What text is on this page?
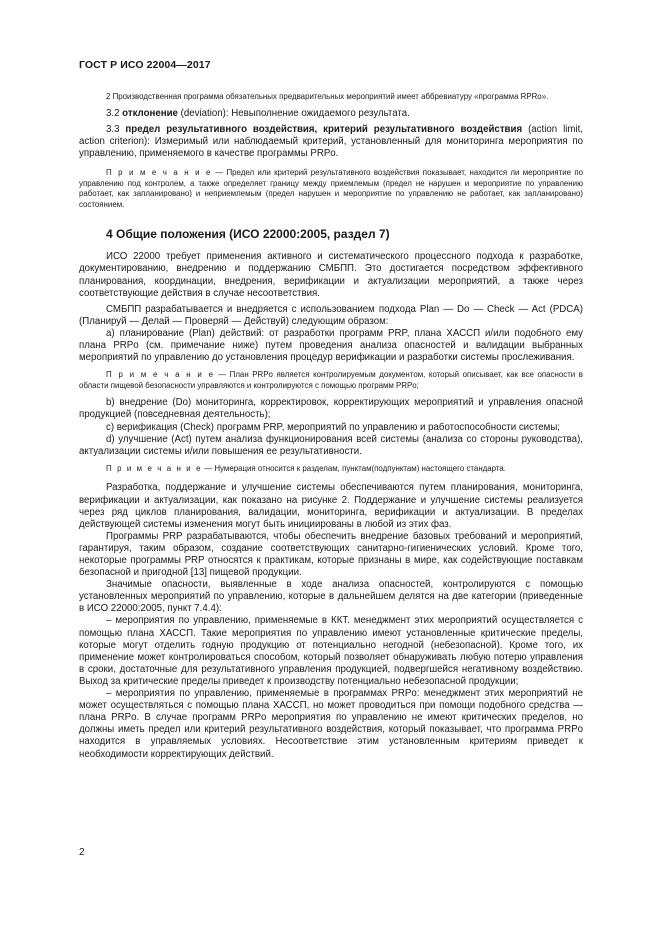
ГОСТ Р ИСО 22004—2017

2 Производственная программа обязательных предварительных мероприятий имеет аббревиатуру «программа RPRo».

3.2 отклонение (deviation): Невыполнение ожидаемого результата.

3.3 предел результативного воздействия, критерий результативного воздействия (action limit, action criterion): Измеримый или наблюдаемый критерий, установленный для мониторинга мероприятия по управлению, применяемого в качестве программы PRPo.

П р и м е ч а н и е — Предел или критерий результативного воздействия показывает, находится ли мероприятие по управлению под контролем, а также определяет границу между приемлемым (предел не нарушен и мероприятие по управлению работает, как запланировано) и неприемлемым (предел нарушен и мероприятие по управлению не работает, как запланировано) состоянием.

4 Общие положения (ИСО 22000:2005, раздел 7)

ИСО 22000 требует применения активного и систематического процессного подхода к разработке, документированию, внедрению и поддержанию СМБПП. Это достигается посредством эффективного планирования, координации, внедрения, верификации и актуализации мероприятий, а также через соответствующие действия в случае несоответствия.

СМБПП разрабатывается и внедряется с использованием подхода Plan — Do — Check — Act (PDCA) (Планируй — Делай — Проверяй — Действуй) следующим образом:

а) планирование (Plan) действий: от разработки программ PRP, плана ХАССП и/или подобного ему плана PRPo (см. примечание ниже) путем проведения анализа опасностей и валидации выбранных мероприятий по управлению до установления процедур верификации и разработки системы прослеживания.

П р и м е ч а н и е — План PRPo является контролируемым документом, который описывает, как все опасности в области пищевой безопасности управляются и контролируются с помощью программ PRPo;

b) внедрение (Do) мониторинга, корректировок, корректирующих мероприятий и управления опасной продукцией (повседневная деятельность);

c) верификация (Check) программ PRP, мероприятий по управлению и работоспособности системы;

d) улучшение (Act) путем анализа функционирования всей системы (анализа со стороны руководства), актуализации системы и/или повышения ее результативности.

П р и м е ч а н и е — Нумерация относится к разделам, пунктам(подпунктам) настоящего стандарта.

Разработка, поддержание и улучшение системы обеспечиваются путем планирования, мониторинга, верификации и актуализации, как показано на рисунке 2. Поддержание и улучшение системы реализуется через ряд циклов планирования, валидации, мониторинга, верификации и актуализации. В пределах действующей системы изменения могут быть инициированы в любой из этих фаз.

Программы PRP разрабатываются, чтобы обеспечить внедрение базовых требований и мероприятий, гарантируя, таким образом, создание соответствующих санитарно-гигиенических условий. Кроме того, некоторые программы PRP относятся к практикам, которые признаны в мире, как содействующие поставкам безопасной и пригодной [13] пищевой продукции.

Значимые опасности, выявленные в ходе анализа опасностей, контролируются с помощью установленных мероприятий по управлению, которые в дальнейшем делятся на две категории (приведенные в ИСО 22000:2005, пункт 7.4.4):

– мероприятия по управлению, применяемые в ККТ. менеджмент этих мероприятий осуществляется с помощью плана ХАССП. Такие мероприятия по управлению имеют установленные критические пределы, которые могут отделить годную продукцию от потенциально негодной (небезопасной). Кроме того, их применение может контролироваться способом, который позволяет обнаруживать любую потерю управления в сроки, достаточные для результативного управления продукцией, подвергшейся негативному воздействию. Выход за критические пределы приведет к производству потенциально небезопасной продукции;

– мероприятия по управлению, применяемые в программах PRPo: менеджмент этих мероприятий не может осуществляться с помощью плана ХАССП, но может проводиться при помощи подобного средства — плана PRPo. В случае программ PRPo мероприятия по управлению не имеют критических пределов, но должны иметь предел или критерий результативного воздействия, который показывает, что программа PRPo находится в управляемых условиях. Несоответствие этим установленным критериям приведет к необходимости корректирующих действий.

2
